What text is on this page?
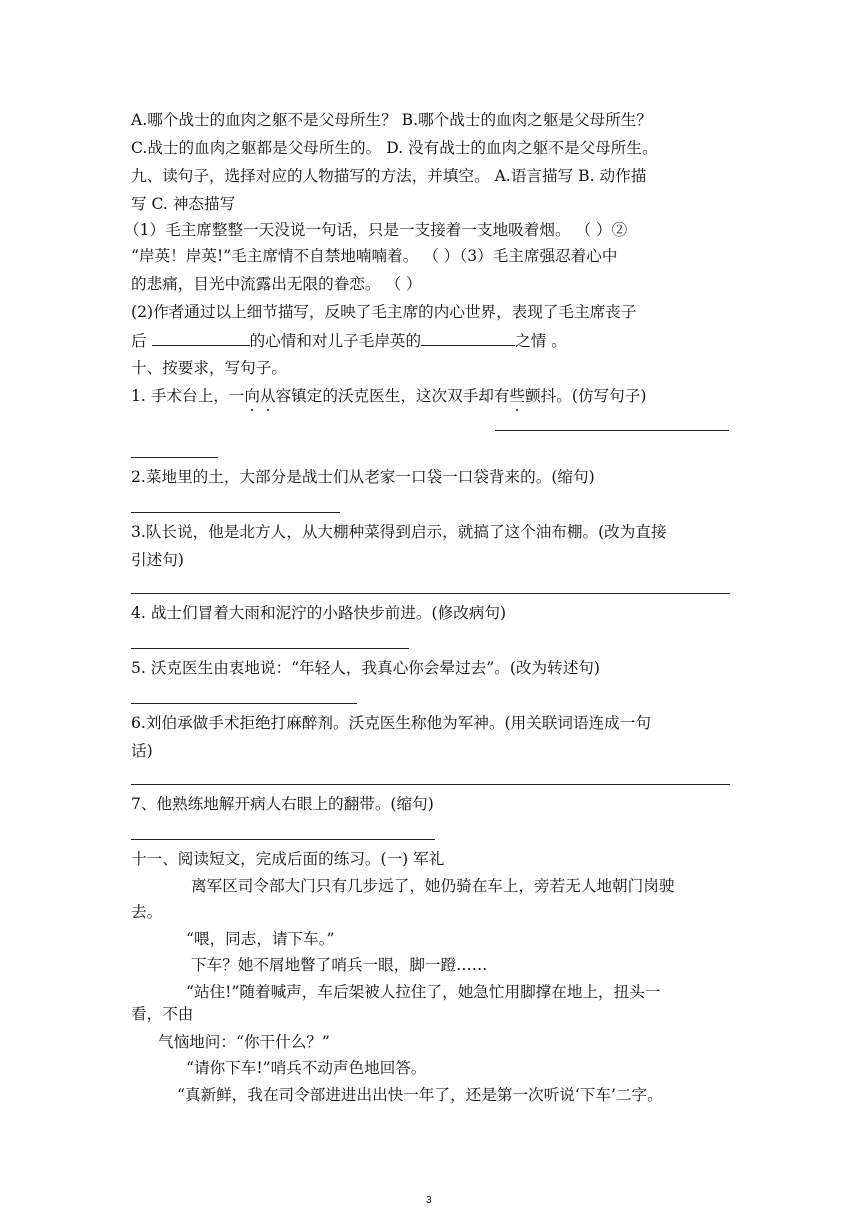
A.哪个战士的血肉之躯不是父母所生？ B.哪个战士的血肉之躯是父母所生？
C.战士的血肉之躯都是父母所生的。 D. 没有战士的血肉之躯不是父母所生。
九、读句子，选择对应的人物描写的方法，并填空。 A.语言描写 B. 动作描
写 C. 神态描写
（1）毛主席整整一天没说一句话，只是一支接着一支地吸着烟。 （ ）②
“岸英！岸英!”毛主席情不自禁地喃喃着。 （ ）（3）毛主席强忍着心中
的悲痛，目光中流露出无限的眷恋。 （ ）
(2)作者通过以上细节描写，反映了毛主席的内心世界，表现了毛主席丧子
后	的心情和对儿子毛岸英的	之情 。
十、按要求，写句子。
1. 手术台上，一向从容镇定的沃克医生，这次双手却有些颤抖。(仿写句子)
2.菜地里的土，大部分是战士们从老家一口袋一口袋背来的。(缩句)
3.队长说，他是北方人，从大棚种菜得到启示，就搞了这个油布棚。(改为直接
引述句)
4. 战士们冒着大雨和泥泞的小路快步前进。(修改病句)
5. 沃克医生由衷地说：“年轻人，我真心你会晕过去”。(改为转述句)
6.刘伯承做手术拒绝打麻醉剂。沃克医生称他为军神。(用关联词语连成一句
话)
7、他熟练地解开病人右眼上的翻带。(缩句)
十一、阅读短文，完成后面的练习。(一) 军礼
离军区司令部大门只有几步远了，她仍骑在车上，旁若无人地朝门岗驶
去。
“喂，同志，请下车。”
下车？她不屑地瞥了哨兵一眼，脚一蹬……
“站住!”随着喊声，车后架被人拉住了，她急忙用脚撑在地上，扭头一
看，不由
气恼地问：“你干什么？”
“请你下车!”哨兵不动声色地回答。
“真新鲜，我在司令部进进出出快一年了，还是第一次听说‘下车’二字。
3
